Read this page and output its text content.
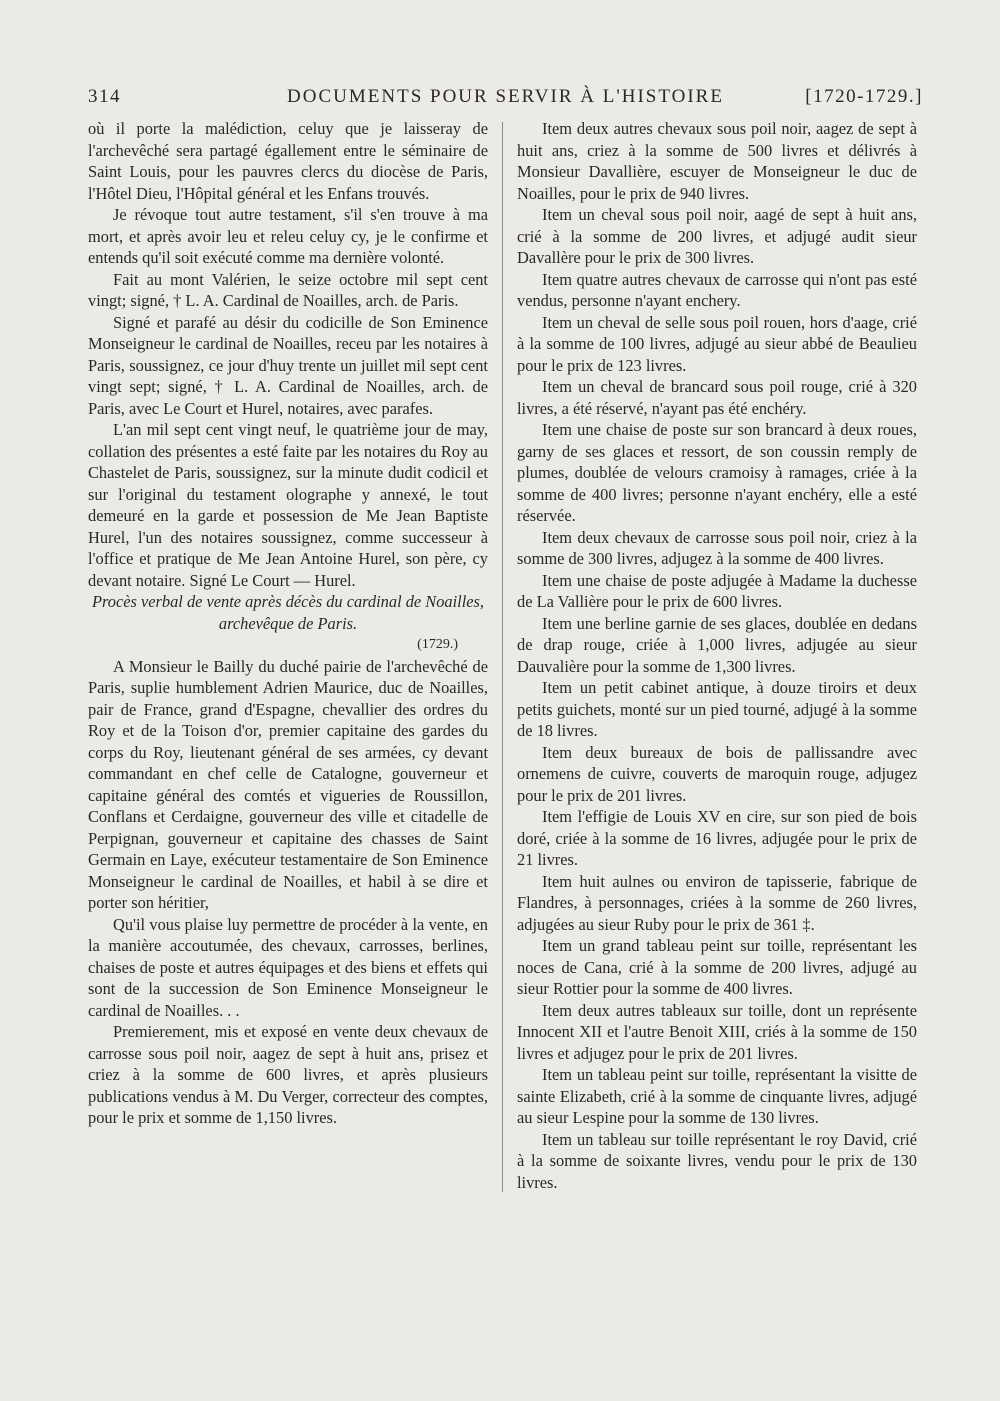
314	DOCUMENTS POUR SERVIR À L'HISTOIRE	[1720-1729.]

où il porte la malédiction, celuy que je laisseray de l'archevêché sera partagé égallement entre le séminaire de Saint Louis, pour les pauvres clercs du diocèse de Paris, l'Hôtel Dieu, l'Hôpital général et les Enfans trouvés.

Je révoque tout autre testament, s'il s'en trouve à ma mort, et après avoir leu et releu celuy cy, je le confirme et entends qu'il soit exécuté comme ma dernière volonté.

Fait au mont Valérien, le seize octobre mil sept cent vingt; signé, † L. A. Cardinal de Noailles, arch. de Paris.

Signé et parafé au désir du codicille de Son Eminence Monseigneur le cardinal de Noailles, receu par les notaires à Paris, soussignez, ce jour d'huy trente un juillet mil sept cent vingt sept; signé, † L. A. Cardinal de Noailles, arch. de Paris, avec Le Court et Hurel, notaires, avec parafes.

L'an mil sept cent vingt neuf, le quatrième jour de may, collation des présentes a esté faite par les notaires du Roy au Chastelet de Paris, soussignez, sur la minute dudit codicil et sur l'original du testament olographe y annexé, le tout demeuré en la garde et possession de Me Jean Baptiste Hurel, l'un des notaires soussignez, comme successeur à l'office et pratique de Me Jean Antoine Hurel, son père, cy devant notaire. Signé Le Court — Hurel.

Procès verbal de vente après décès du cardinal de Noailles,
archevêque de Paris.

(1729.)

A Monsieur le Bailly du duché pairie de l'archevêché de Paris, suplie humblement Adrien Maurice, duc de Noailles, pair de France, grand d'Espagne, chevallier des ordres du Roy et de la Toison d'or, premier capitaine des gardes du corps du Roy, lieutenant général de ses armées, cy devant commandant en chef celle de Catalogne, gouverneur et capitaine général des comtés et vigueries de Roussillon, Conflans et Cerdaigne, gouverneur des ville et citadelle de Perpignan, gouverneur et capitaine des chasses de Saint Germain en Laye, exécuteur testamentaire de Son Eminence Monseigneur le cardinal de Noailles, et habil à se dire et porter son héritier,

Qu'il vous plaise luy permettre de procéder à la vente, en la manière accoutumée, des chevaux, carrosses, berlines, chaises de poste et autres équipages et des biens et effets qui sont de la succession de Son Eminence Monseigneur le cardinal de Noailles. . .

Premierement, mis et exposé en vente deux chevaux de carrosse sous poil noir, aagez de sept à huit ans, prisez et criez à la somme de 600 livres, et après plusieurs publications vendus à M. Du Verger, correcteur des comptes, pour le prix et somme de 1,150 livres.

Item deux autres chevaux sous poil noir, aagez de sept à huit ans, criez à la somme de 500 livres et délivrés à Monsieur Davallière, escuyer de Monseigneur le duc de Noailles, pour le prix de 940 livres.

Item un cheval sous poil noir, aagé de sept à huit ans, crié à la somme de 200 livres, et adjugé audit sieur Davallère pour le prix de 300 livres.

Item quatre autres chevaux de carrosse qui n'ont pas esté vendus, personne n'ayant enchery.

Item un cheval de selle sous poil rouen, hors d'aage, crié à la somme de 100 livres, adjugé au sieur abbé de Beaulieu pour le prix de 123 livres.

Item un cheval de brancard sous poil rouge, crié à 320 livres, a été réservé, n'ayant pas été enchéry.

Item une chaise de poste sur son brancard à deux roues, garny de ses glaces et ressort, de son coussin remply de plumes, doublée de velours cramoisy à ramages, criée à la somme de 400 livres; personne n'ayant enchéry, elle a esté réservée.

Item deux chevaux de carrosse sous poil noir, criez à la somme de 300 livres, adjugez à la somme de 400 livres.

Item une chaise de poste adjugée à Madame la duchesse de La Vallière pour le prix de 600 livres.

Item une berline garnie de ses glaces, doublée en dedans de drap rouge, criée à 1,000 livres, adjugée au sieur Dauvalière pour la somme de 1,300 livres.

Item un petit cabinet antique, à douze tiroirs et deux petits guichets, monté sur un pied tourné, adjugé à la somme de 18 livres.

Item deux bureaux de bois de pallissandre avec ornemens de cuivre, couverts de maroquin rouge, adjugez pour le prix de 201 livres.

Item l'effigie de Louis XV en cire, sur son pied de bois doré, criée à la somme de 16 livres, adjugée pour le prix de 21 livres.

Item huit aulnes ou environ de tapisserie, fabrique de Flandres, à personnages, criées à la somme de 260 livres, adjugées au sieur Ruby pour le prix de 361 ‡.

Item un grand tableau peint sur toille, représentant les noces de Cana, crié à la somme de 200 livres, adjugé au sieur Rottier pour la somme de 400 livres.

Item deux autres tableaux sur toille, dont un représente Innocent XII et l'autre Benoit XIII, criés à la somme de 150 livres et adjugez pour le prix de 201 livres.

Item un tableau peint sur toille, représentant la visitte de sainte Elizabeth, crié à la somme de cinquante livres, adjugé au sieur Lespine pour la somme de 130 livres.

Item un tableau sur toille représentant le roy David, crié à la somme de soixante livres, vendu pour le prix de 130 livres.
